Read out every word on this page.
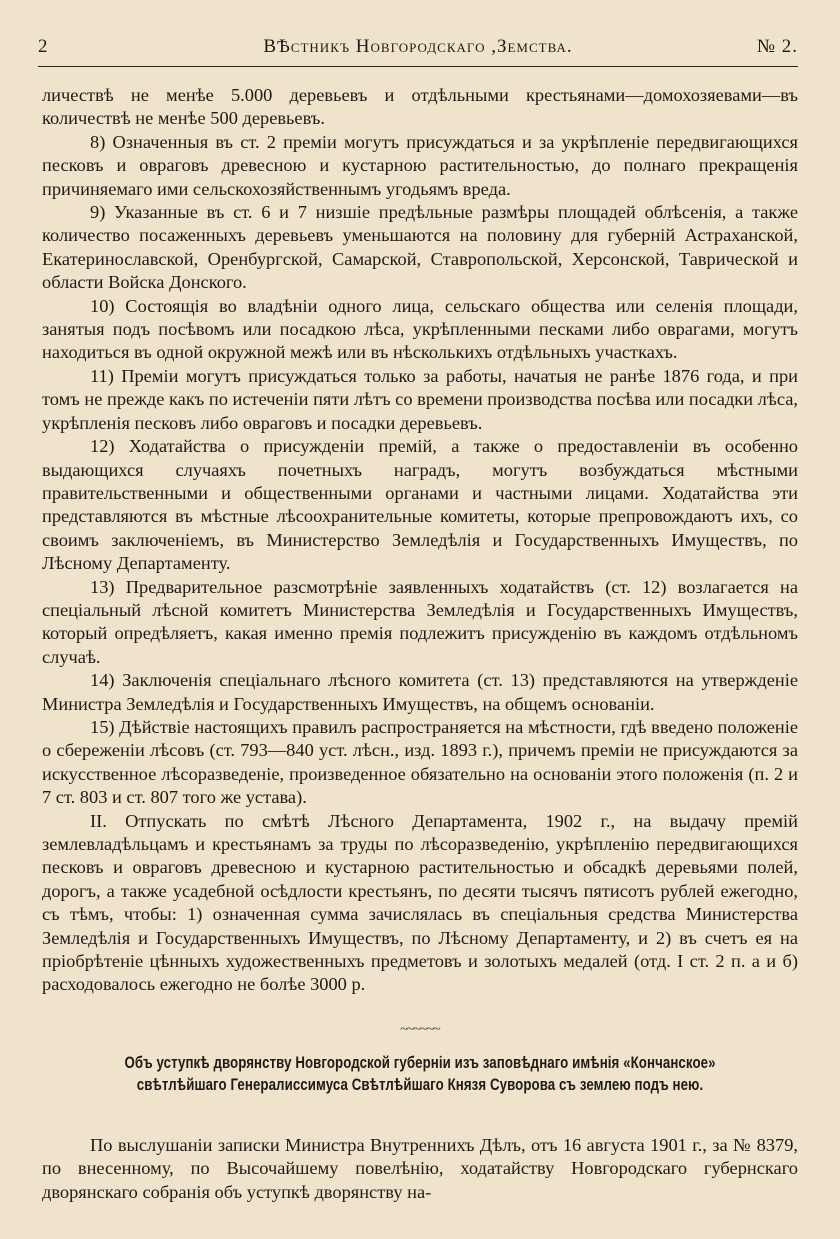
2	ВѢстникъ Новгородскаго ,Земства.	№ 2.

личествѣ не менѣе 5.000 деревьевъ и отдѣльными крестьянами—домохозяевами—въ количествѣ не менѣе 500 деревьевъ.

8) Означенныя въ ст. 2 преміи могутъ присуждаться и за укрѣпленіе передвигающихся песковъ и овраговъ древесною и кустарною растительностью, до полнаго прекращенія причиняемаго ими сельскохозяйственнымъ угодьямъ вреда.

9) Указанные въ ст. 6 и 7 низшіе предѣльные размѣры площадей облѣсенія, а также количество посаженныхъ деревьевъ уменьшаются на половину для губерній Астраханской, Екатеринославской, Оренбургской, Самарской, Ставропольской, Херсонской, Таврической и области Войска Донского.

10) Состоящія во владѣніи одного лица, сельскаго общества или селенія площади, занятыя подъ посѣвомъ или посадкою лѣса, укрѣпленными песками либо оврагами, могутъ находиться въ одной окружной межѣ или въ нѣсколькихъ отдѣльныхъ участкахъ.

11) Преміи могутъ присуждаться только за работы, начатыя не ранѣе 1876 года, и при томъ не прежде какъ по истеченіи пяти лѣтъ со времени производства посѣва или посадки лѣса, укрѣпленія песковъ либо овраговъ и посадки деревьевъ.

12) Ходатайства о присужденіи премій, а также о предоставленіи въ особенно выдающихся случаяхъ почетныхъ наградъ, могутъ возбуждаться мѣстными правительственными и общественными органами и частными лицами. Ходатайства эти представляются въ мѣстные лѣсоохранительные комитеты, которые препровождаютъ ихъ, со своимъ заключеніемъ, въ Министерство Земледѣлія и Государственныхъ Имуществъ, по Лѣсному Департаменту.

13) Предварительное разсмотрѣніе заявленныхъ ходатайствъ (ст. 12) возлагается на спеціальный лѣсной комитетъ Министерства Земледѣлія и Государственныхъ Имуществъ, который опредѣляетъ, какая именно премія подлежитъ присужденію въ каждомъ отдѣльномъ случаѣ.

14) Заключенія спеціальнаго лѣсного комитета (ст. 13) представляются на утвержденіе Министра Земледѣлія и Государственныхъ Имуществъ, на общемъ основаніи.

15) Дѣйствіе настоящихъ правилъ распространяется на мѣстности, гдѣ введено положеніе о сбереженіи лѣсовъ (ст. 793—840 уст. лѣсн., изд. 1893 г.), причемъ преміи не присуждаются за искусственное лѣсоразведеніе, произведенное обязательно на основаніи этого положенія (п. 2 и 7 ст. 803 и ст. 807 того же устава).

II. Отпускать по смѣтѣ Лѣсного Департамента, 1902 г., на выдачу премій землевладѣльцамъ и крестьянамъ за труды по лѣсоразведенію, укрѣпленію передвигающихся песковъ и овраговъ древесною и кустарною растительностью и обсадкѣ деревьями полей, дорогъ, а также усадебной осѣдлости крестьянъ, по десяти тысячъ пятисотъ рублей ежегодно, съ тѣмъ, чтобы: 1) означенная сумма зачислялась въ спеціальныя средства Министерства Земледѣлія и Государственныхъ Имуществъ, по Лѣсному Департаменту, и 2) въ счетъ ея на пріобрѣтеніе цѣнныхъ художественныхъ предметовъ и золотыхъ медалей (отд. I ст. 2 п. а и б) расходовалось ежегодно не болѣе 3000 р.

~~~~~~
Объ уступкѣ дворянству Новгородской губерніи изъ заповѣднаго имѣнія «Кончанское» свѣтлѣйшаго Генералиссимуса Свѣтлѣйшаго Князя Суворова съ землею подъ нею.

По выслушаніи записки Министра Внутреннихъ Дѣлъ, отъ 16 августа 1901 г., за № 8379, по внесенному, по Высочайшему повелѣнію, ходатайству Новгородскаго губернскаго дворянскаго собранія объ уступкѣ дворянству на-
